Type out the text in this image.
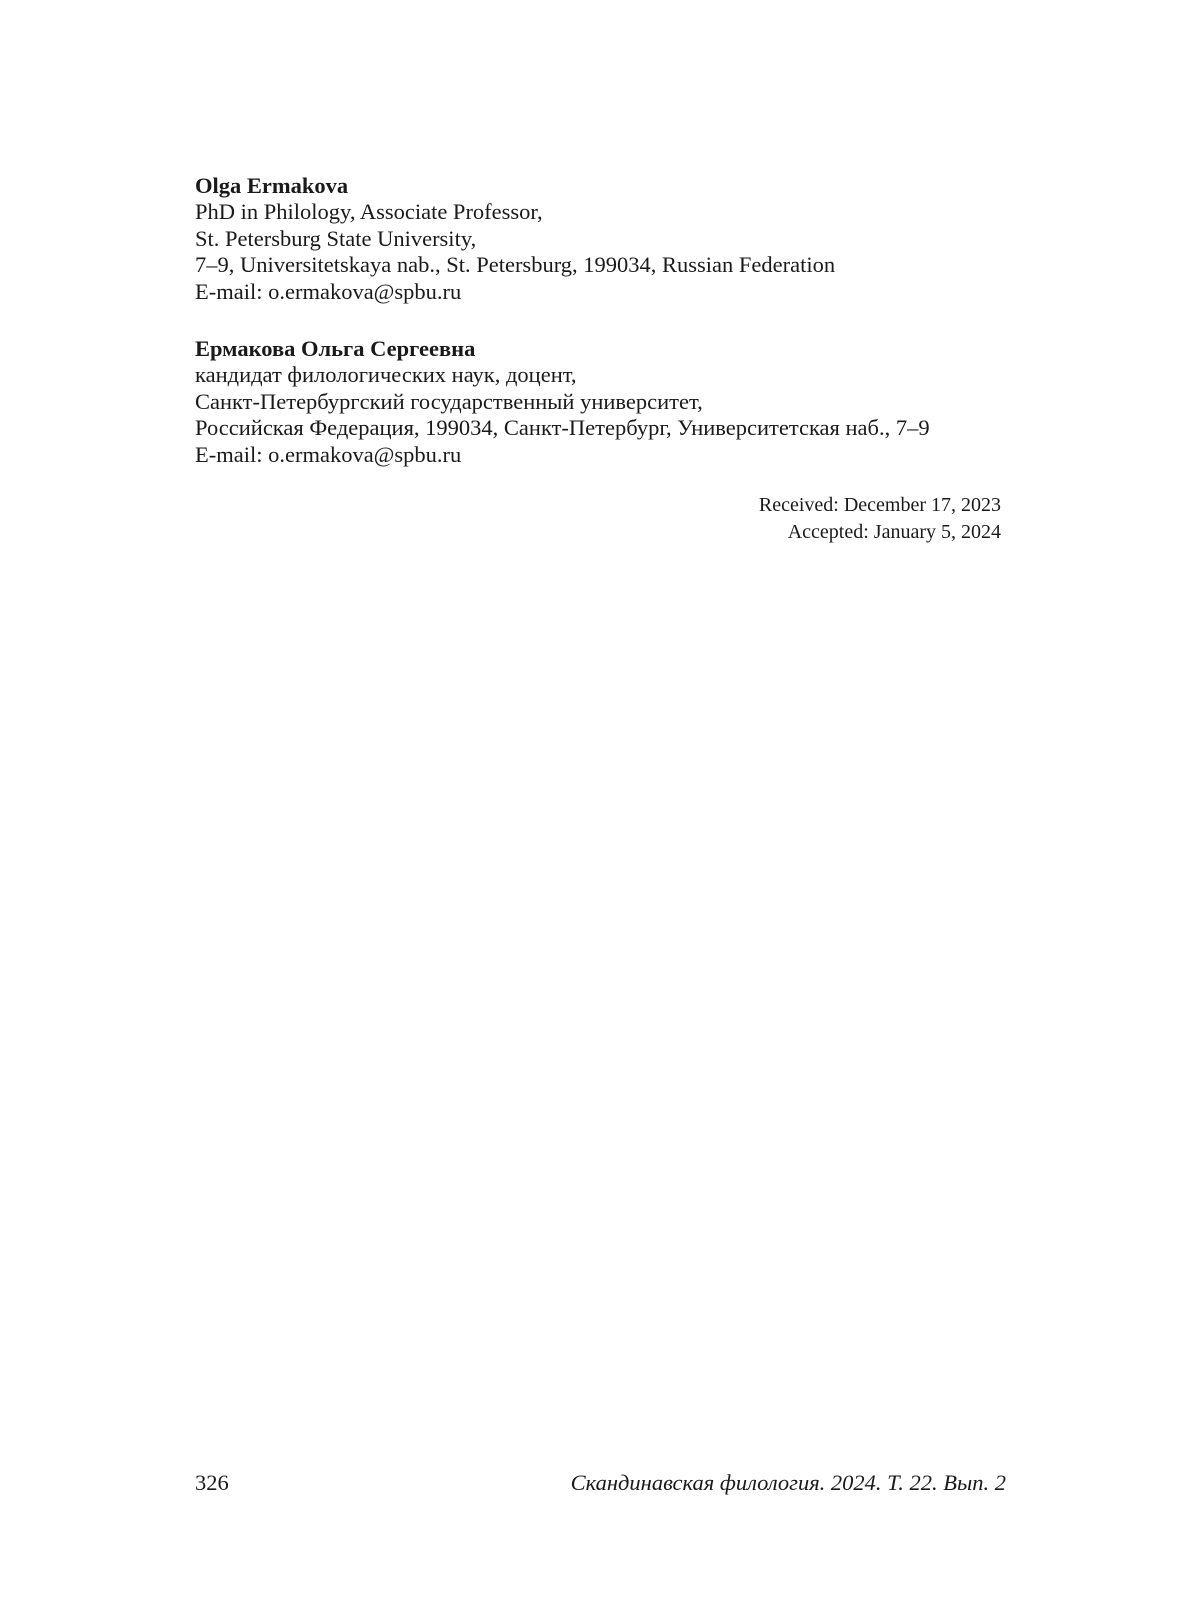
Olga Ermakova
PhD in Philology, Associate Professor,
St. Petersburg State University,
7–9, Universitetskaya nab., St. Petersburg, 199034, Russian Federation
E-mail: o.ermakova@spbu.ru
Ермакова Ольга Сергеевна
кандидат филологических наук, доцент,
Санкт-Петербургский государственный университет,
Российская Федерация, 199034, Санкт-Петербург, Университетская наб., 7–9
E-mail: o.ermakova@spbu.ru
Received: December 17, 2023
Accepted: January 5, 2024
326	Скандинавская филология. 2024. Т. 22. Вып. 2
